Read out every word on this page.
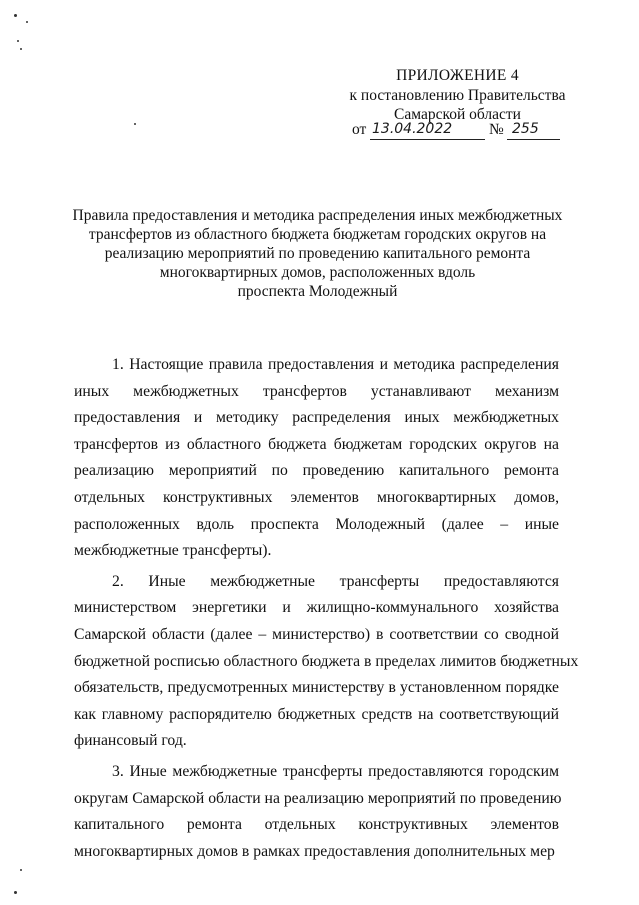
ПРИЛОЖЕНИЕ 4
к постановлению Правительства
Самарской области
от 13.04.2022 № 255
Правила предоставления и методика распределения иных межбюджетных
трансфертов из областного бюджета бюджетам городских округов на
реализацию мероприятий по проведению капитального ремонта
многоквартирных домов, расположенных вдоль
проспекта Молодежный
1. Настоящие правила предоставления и методика распределения
иных межбюджетных трансфертов устанавливают механизм
предоставления и методику распределения иных межбюджетных
трансфертов из областного бюджета бюджетам городских округов на
реализацию мероприятий по проведению капитального ремонта
отдельных конструктивных элементов многоквартирных домов,
расположенных вдоль проспекта Молодежный (далее – иные
межбюджетные трансферты).
2. Иные межбюджетные трансферты предоставляются
министерством энергетики и жилищно-коммунального хозяйства
Самарской области (далее – министерство) в соответствии со сводной
бюджетной росписью областного бюджета в пределах лимитов бюджетных
обязательств, предусмотренных министерству в установленном порядке
как главному распорядителю бюджетных средств на соответствующий
финансовый год.
3. Иные межбюджетные трансферты предоставляются городским
округам Самарской области на реализацию мероприятий по проведению
капитального ремонта отдельных конструктивных элементов
многоквартирных домов в рамках предоставления дополнительных мер
